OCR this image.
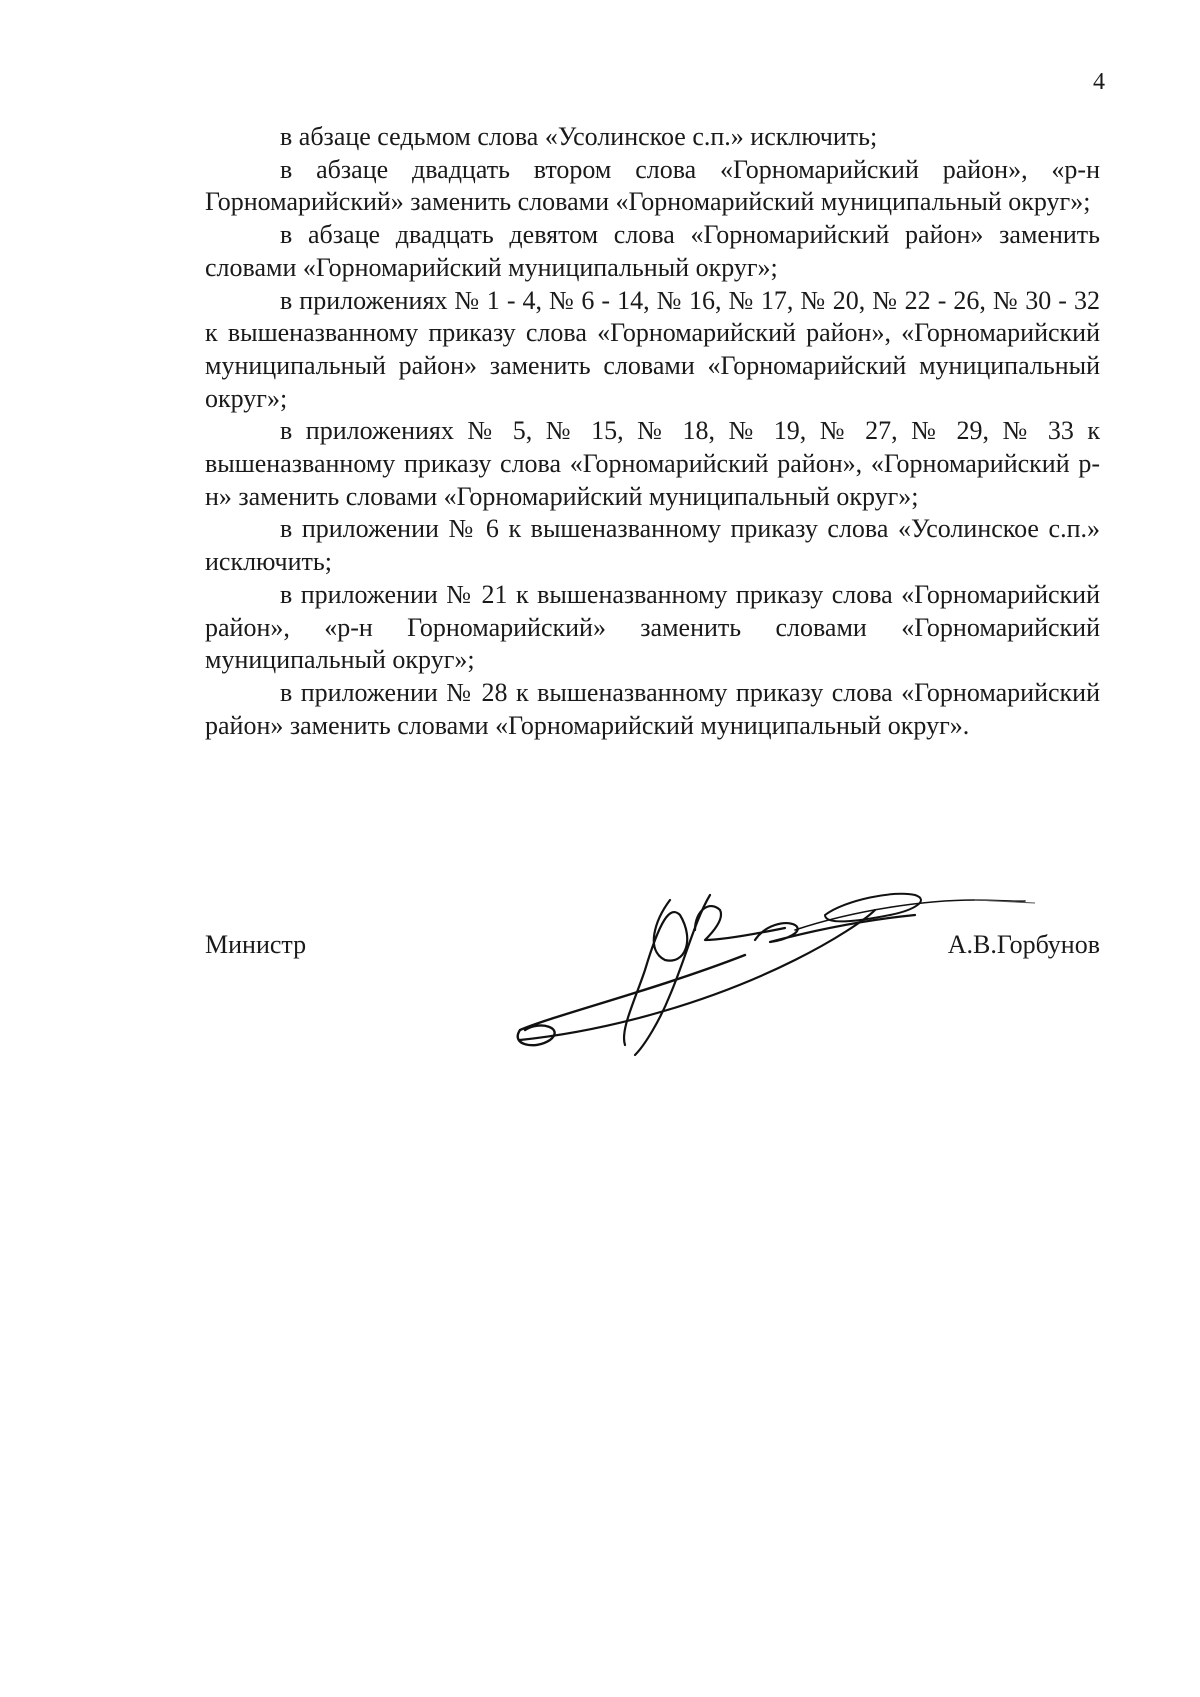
4

в абзаце седьмом слова «Усолинское с.п.» исключить;

в абзаце двадцать втором слова «Горномарийский район», «р-н Горномарийский» заменить словами «Горномарийский муниципальный округ»;

в абзаце двадцать девятом слова «Горномарийский район» заменить словами «Горномарийский муниципальный округ»;

в приложениях № 1 - 4, № 6 - 14, № 16, № 17, № 20, № 22 - 26, № 30 - 32 к вышеназванному приказу слова «Горномарийский район», «Горномарийский муниципальный район» заменить словами «Горномарийский муниципальный округ»;

в приложениях № 5, № 15, № 18, № 19, № 27, № 29, № 33 к вышеназванному приказу слова «Горномарийский район», «Горномарийский р-н» заменить словами «Горномарийский муниципальный округ»;

в приложении № 6 к вышеназванному приказу слова «Усолинское с.п.» исключить;

в приложении № 21 к вышеназванному приказу слова «Горномарийский район», «р-н Горномарийский» заменить словами «Горномарийский муниципальный округ»;

в приложении № 28 к вышеназванному приказу слова «Горномарийский район» заменить словами «Горномарийский муниципальный округ».

Министр	А.В.Горбунов
